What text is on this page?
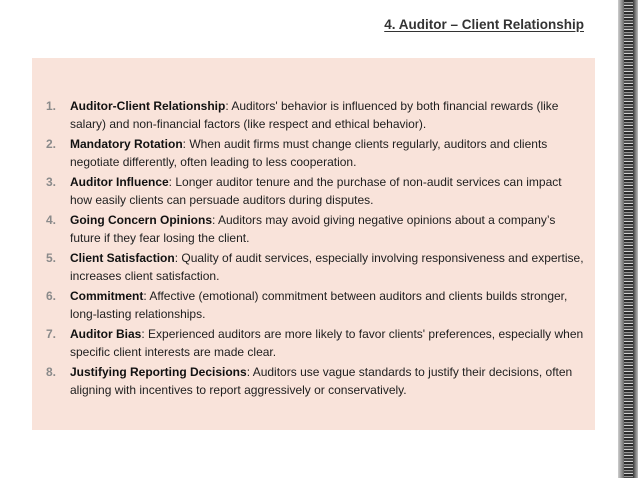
4. Auditor – Client Relationship
1.	Auditor-Client Relationship: Auditors' behavior is influenced by both financial rewards (like salary) and non-financial factors (like respect and ethical behavior).
2.	Mandatory Rotation: When audit firms must change clients regularly, auditors and clients negotiate differently, often leading to less cooperation.
3.	Auditor Influence: Longer auditor tenure and the purchase of non-audit services can impact how easily clients can persuade auditors during disputes.
4.	Going Concern Opinions: Auditors may avoid giving negative opinions about a company’s future if they fear losing the client.
5.	Client Satisfaction: Quality of audit services, especially involving responsiveness and expertise, increases client satisfaction.
6.	Commitment: Affective (emotional) commitment between auditors and clients builds stronger, long-lasting relationships.
7.	Auditor Bias: Experienced auditors are more likely to favor clients' preferences, especially when specific client interests are made clear.
8.	Justifying Reporting Decisions: Auditors use vague standards to justify their decisions, often aligning with incentives to report aggressively or conservatively.
